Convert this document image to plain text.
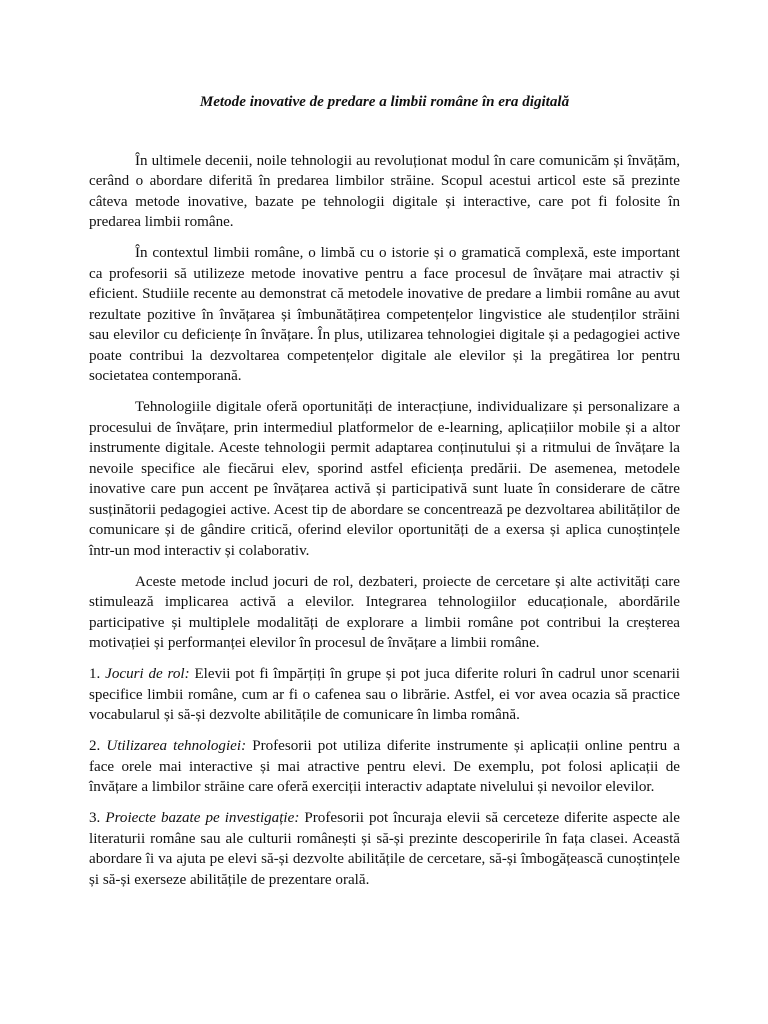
Metode inovative de predare a limbii române în era digitală

În ultimele decenii, noile tehnologii au revoluționat modul în care comunicăm și învățăm, cerând o abordare diferită în predarea limbilor străine. Scopul acestui articol este să prezinte câteva metode inovative, bazate pe tehnologii digitale și interactive, care pot fi folosite în predarea limbii române.

În contextul limbii române, o limbă cu o istorie și o gramatică complexă, este important ca profesorii să utilizeze metode inovative pentru a face procesul de învățare mai atractiv și eficient. Studiile recente au demonstrat că metodele inovative de predare a limbii române au avut rezultate pozitive în învățarea și îmbunătățirea competențelor lingvistice ale studenților străini sau elevilor cu deficiențe în învățare. În plus, utilizarea tehnologiei digitale și a pedagogiei active poate contribui la dezvoltarea competențelor digitale ale elevilor și la pregătirea lor pentru societatea contemporană.

Tehnologiile digitale oferă oportunități de interacțiune, individualizare și personalizare a procesului de învățare, prin intermediul platformelor de e-learning, aplicațiilor mobile și a altor instrumente digitale. Aceste tehnologii permit adaptarea conținutului și a ritmului de învățare la nevoile specifice ale fiecărui elev, sporind astfel eficiența predării. De asemenea, metodele inovative care pun accent pe învățarea activă și participativă sunt luate în considerare de către susținătorii pedagogiei active. Acest tip de abordare se concentrează pe dezvoltarea abilităților de comunicare și de gândire critică, oferind elevilor oportunități de a exersa și aplica cunoștințele într-un mod interactiv și colaborativ.

Aceste metode includ jocuri de rol, dezbateri, proiecte de cercetare și alte activități care stimulează implicarea activă a elevilor. Integrarea tehnologiilor educaționale, abordările participative și multiplele modalități de explorare a limbii române pot contribui la creșterea motivației și performanței elevilor în procesul de învățare a limbii române.

1. Jocuri de rol: Elevii pot fi împărțiți în grupe și pot juca diferite roluri în cadrul unor scenarii specifice limbii române, cum ar fi o cafenea sau o librărie. Astfel, ei vor avea ocazia să practice vocabularul și să-și dezvolte abilitățile de comunicare în limba română.

2. Utilizarea tehnologiei: Profesorii pot utiliza diferite instrumente și aplicații online pentru a face orele mai interactive și mai atractive pentru elevi. De exemplu, pot folosi aplicații de învățare a limbilor străine care oferă exerciții interactiv adaptate nivelului și nevoilor elevilor.

3. Proiecte bazate pe investigație: Profesorii pot încuraja elevii să cerceteze diferite aspecte ale literaturii române sau ale culturii românești și să-și prezinte descoperirile în fața clasei. Această abordare îi va ajuta pe elevi să-și dezvolte abilitățile de cercetare, să-și îmbogățească cunoștințele și să-și exerseze abilitățile de prezentare orală.
